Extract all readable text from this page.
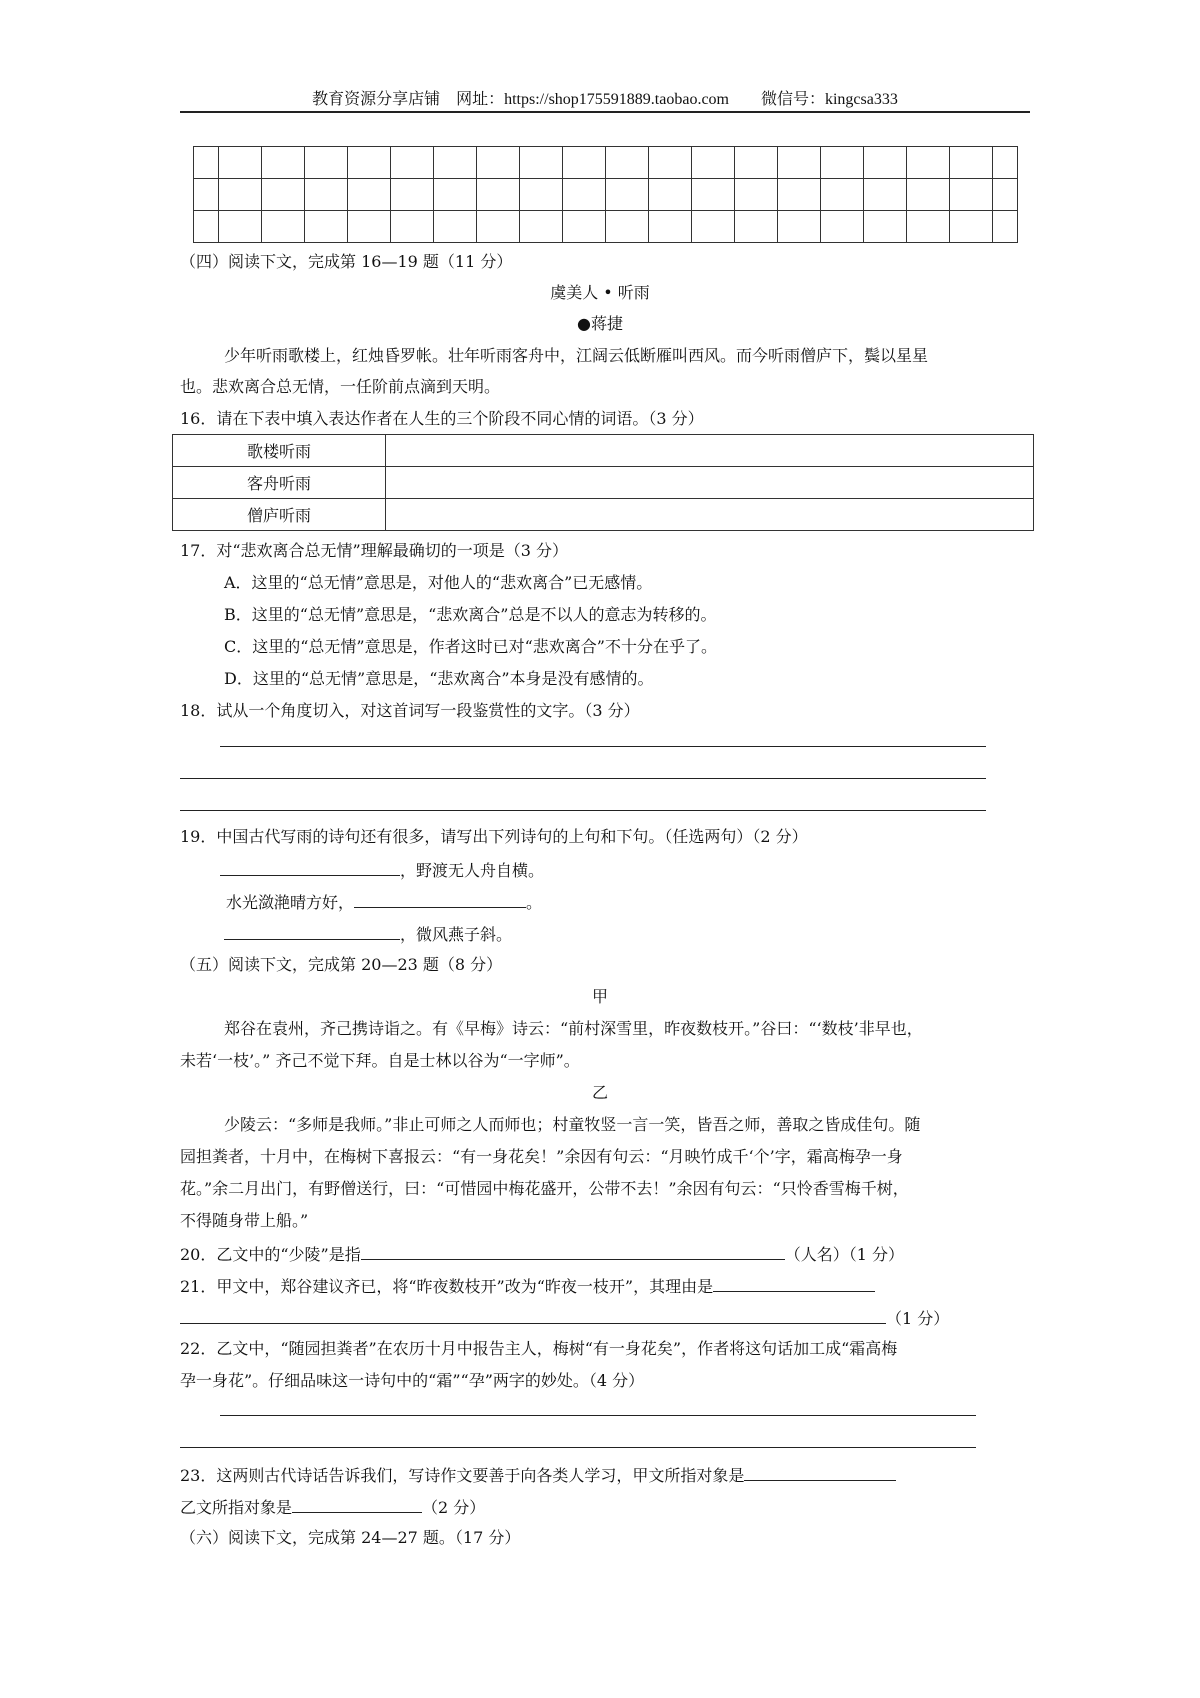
教育资源分享店铺　网址：https://shop175591889.taobao.com　　微信号：kingcsa333

（四）阅读下文，完成第 16—19 题（11 分）
虞美人 • 听雨
●蒋捷
少年听雨歌楼上，红烛昏罗帐。壮年听雨客舟中，江阔云低断雁叫西风。而今听雨僧庐下，鬓以星星
也。悲欢离合总无情，一任阶前点滴到天明。
16．请在下表中填入表达作者在人生的三个阶段不同心情的词语。（3 分）
歌楼听雨	
客舟听雨	
僧庐听雨	
17．对“悲欢离合总无情”理解最确切的一项是（3 分）
A．这里的“总无情”意思是，对他人的“悲欢离合”已无感情。
B．这里的“总无情”意思是，“悲欢离合”总是不以人的意志为转移的。
C．这里的“总无情”意思是，作者这时已对“悲欢离合”不十分在乎了。
D．这里的“总无情”意思是，“悲欢离合”本身是没有感情的。
18．试从一个角度切入，对这首词写一段鉴赏性的文字。（3 分）
19．中国古代写雨的诗句还有很多，请写出下列诗句的上句和下句。（任选两句）（2 分）
，野渡无人舟自横。
水光潋滟晴方好，	。
，微风燕子斜。
（五）阅读下文，完成第 20—23 题（8 分）
甲
郑谷在袁州，齐己携诗诣之。有《早梅》诗云：“前村深雪里，昨夜数枝开。”谷曰：“‘数枝’非早也，
未若‘一枝’。” 齐己不觉下拜。自是士林以谷为“一字师”。
乙
少陵云：“多师是我师。”非止可师之人而师也；村童牧竖一言一笑，皆吾之师，善取之皆成佳句。随
园担粪者，十月中，在梅树下喜报云：“有一身花矣！”余因有句云：“月映竹成千‘个’字，霜高梅孕一身
花。”余二月出门，有野僧送行，曰：“可惜园中梅花盛开，公带不去！”余因有句云：“只怜香雪梅千树，
不得随身带上船。”
20．乙文中的“少陵”是指	（人名）（1 分）
21．甲文中，郑谷建议齐已，将“昨夜数枝开”改为“昨夜一枝开”，其理由是
（1 分）
22．乙文中，“随园担粪者”在农历十月中报告主人，梅树“有一身花矣”，作者将这句话加工成“霜高梅
孕一身花”。仔细品味这一诗句中的“霜”“孕”两字的妙处。（4 分）
23．这两则古代诗话告诉我们，写诗作文要善于向各类人学习，甲文所指对象是
乙文所指对象是	（2 分）
（六）阅读下文，完成第 24—27 题。（17 分）
